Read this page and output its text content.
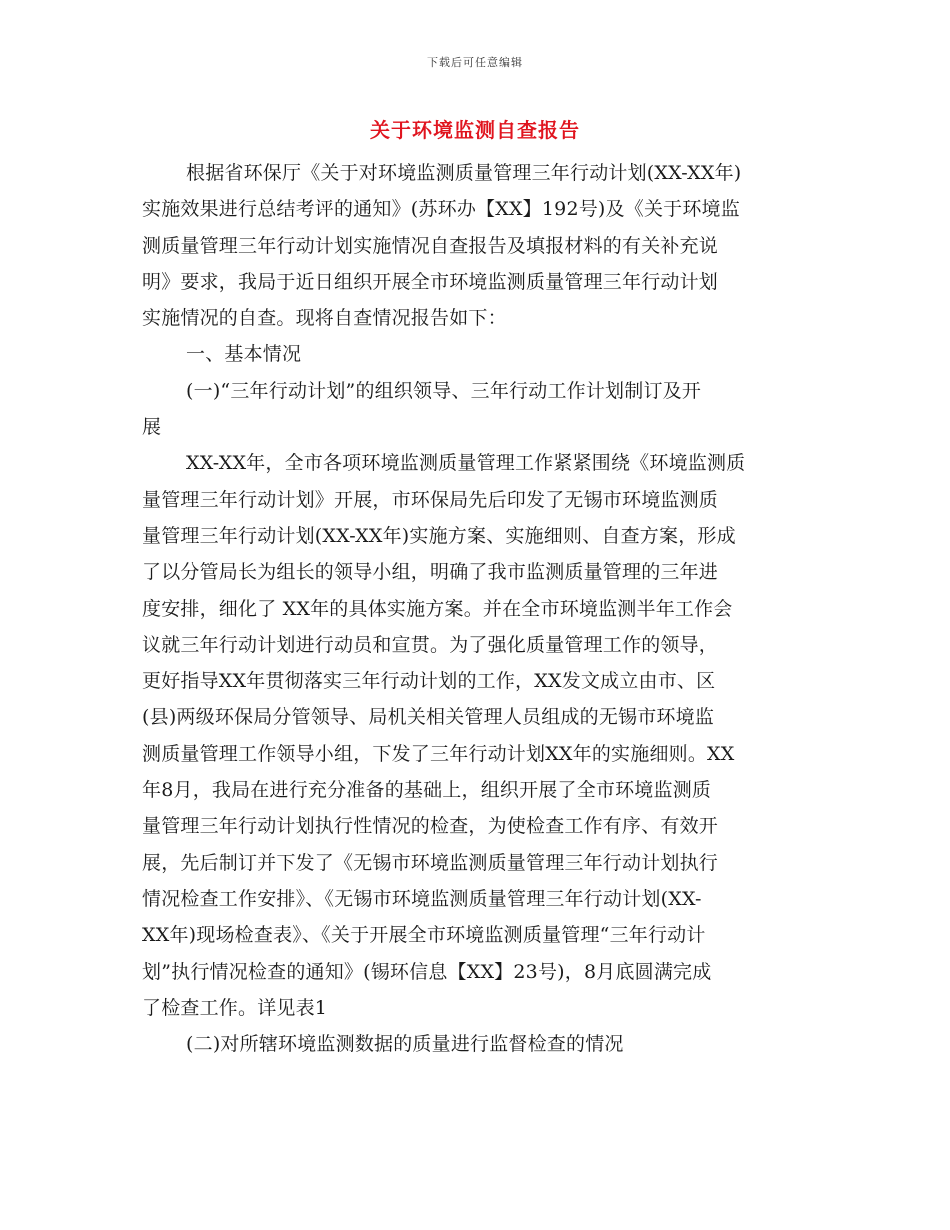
下载后可任意编辑
关于环境监测自查报告
根据省环保厅《关于对环境监测质量管理三年行动计划(XX-XX年)
实施效果进行总结考评的通知》(苏环办【XX】192号)及《关于环境监
测质量管理三年行动计划实施情况自查报告及填报材料的有关补充说
明》要求，我局于近日组织开展全市环境监测质量管理三年行动计划
实施情况的自查。现将自查情况报告如下：
一、基本情况
(一)“三年行动计划”的组织领导、三年行动工作计划制订及开
展
XX-XX年，全市各项环境监测质量管理工作紧紧围绕《环境监测质
量管理三年行动计划》开展，市环保局先后印发了无锡市环境监测质
量管理三年行动计划(XX-XX年)实施方案、实施细则、自查方案，形成
了以分管局长为组长的领导小组，明确了我市监测质量管理的三年进
度安排，细化了 XX年的具体实施方案。并在全市环境监测半年工作会
议就三年行动计划进行动员和宣贯。为了强化质量管理工作的领导，
更好指导XX年贯彻落实三年行动计划的工作，XX发文成立由市、区
(县)两级环保局分管领导、局机关相关管理人员组成的无锡市环境监
测质量管理工作领导小组，下发了三年行动计划XX年的实施细则。XX
年8月，我局在进行充分准备的基础上，组织开展了全市环境监测质
量管理三年行动计划执行性情况的检查，为使检查工作有序、有效开
展，先后制订并下发了《无锡市环境监测质量管理三年行动计划执行
情况检查工作安排》、《无锡市环境监测质量管理三年行动计划(XX-
XX年)现场检查表》、《关于开展全市环境监测质量管理“三年行动计
划”执行情况检查的通知》(锡环信息【XX】23号)，8月底圆满完成
了检查工作。详见表1
(二)对所辖环境监测数据的质量进行监督检查的情况
